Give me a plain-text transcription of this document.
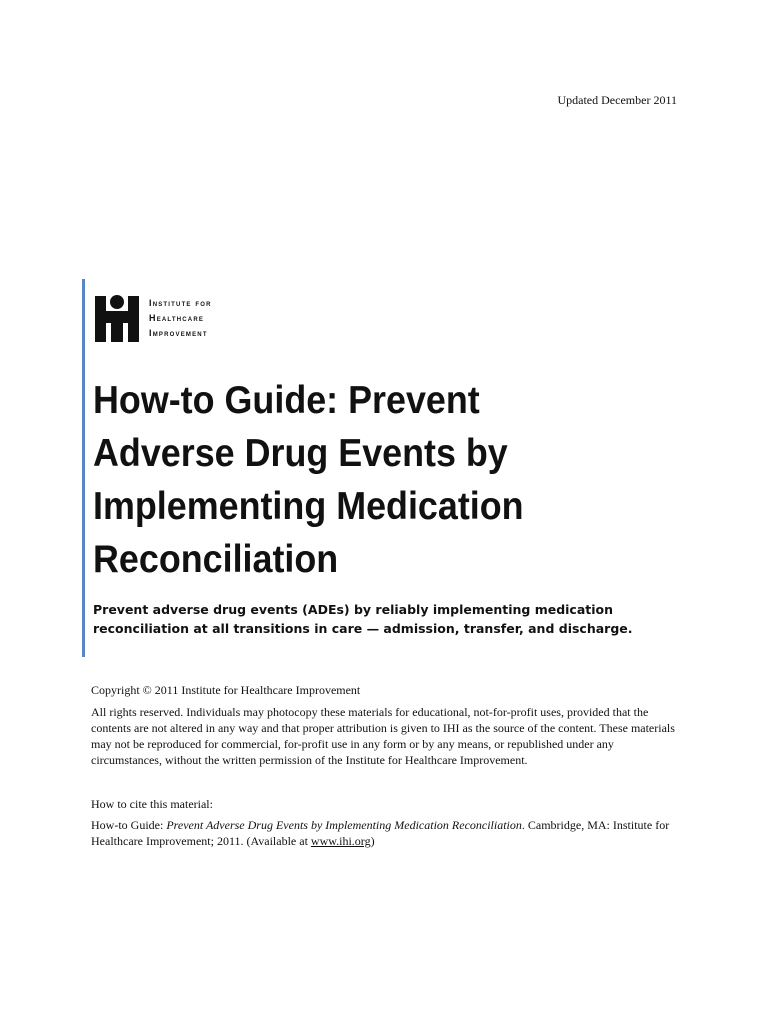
Updated December 2011
Institute for
Healthcare
Improvement
How-to Guide: Prevent
Adverse Drug Events by
Implementing Medication
Reconciliation
Prevent adverse drug events (ADEs) by reliably implementing medication
reconciliation at all transitions in care — admission, transfer, and discharge.

Copyright © 2011 Institute for Healthcare Improvement

All rights reserved. Individuals may photocopy these materials for educational, not-for-profit uses, provided that the contents are not altered in any way and that proper attribution is given to IHI as the source of the content. These materials may not be reproduced for commercial, for-profit use in any form or by any means, or republished under any circumstances, without the written permission of the Institute for Healthcare Improvement.

How to cite this material:

How-to Guide: Prevent Adverse Drug Events by Implementing Medication Reconciliation. Cambridge, MA: Institute for Healthcare Improvement; 2011. (Available at www.ihi.org)
